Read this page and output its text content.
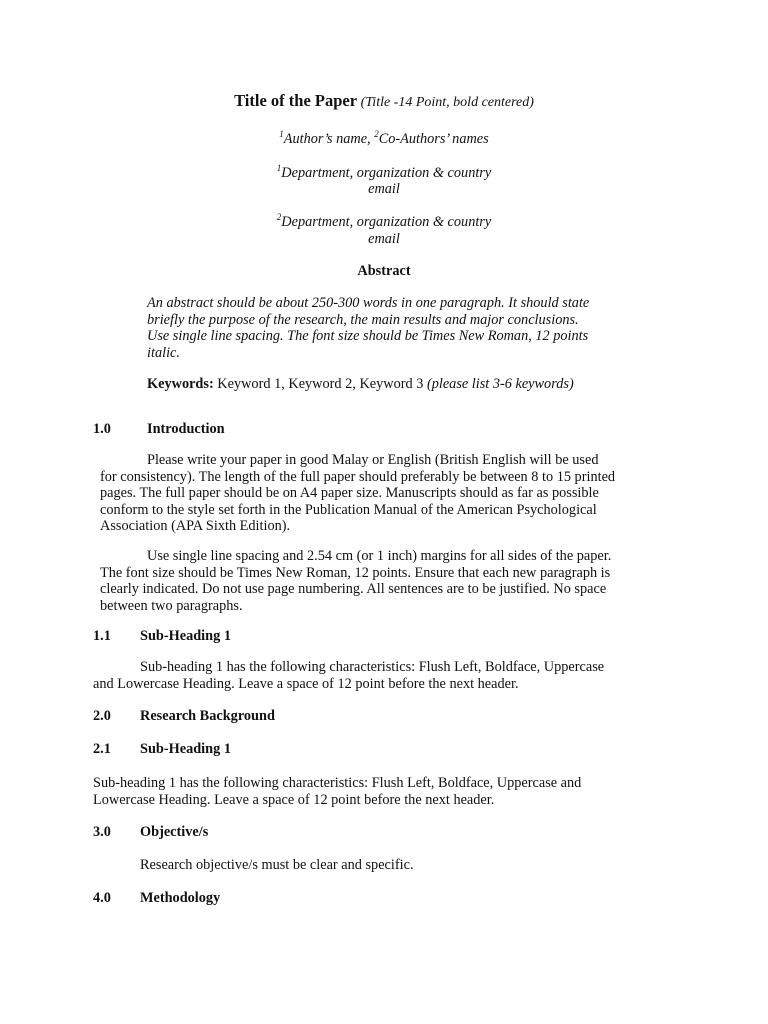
Title of the Paper (Title -14 Point, bold centered)
$^1$Author’s name, $^2$Co-Authors’ names
$^1$Department, organization & country
email
$^2$Department, organization & country
email
Abstract
An abstract should be about 250-300 words in one paragraph. It should state
briefly the purpose of the research, the main results and major conclusions.
Use single line spacing. The font size should be Times New Roman, 12 points
italic.
Keywords: Keyword 1, Keyword 2, Keyword 3 (please list 3-6 keywords)
1.0	Introduction
Please write your paper in good Malay or English (British English will be used
for consistency). The length of the full paper should preferably be between 8 to 15 printed
pages. The full paper should be on A4 paper size. Manuscripts should as far as possible
conform to the style set forth in the Publication Manual of the American Psychological
Association (APA Sixth Edition).
Use single line spacing and 2.54 cm (or 1 inch) margins for all sides of the paper.
The font size should be Times New Roman, 12 points. Ensure that each new paragraph is
clearly indicated. Do not use page numbering. All sentences are to be justified. No space
between two paragraphs.
1.1 Sub-Heading 1
Sub-heading 1 has the following characteristics: Flush Left, Boldface, Uppercase
and Lowercase Heading. Leave a space of 12 point before the next header.
2.0 Research Background
2.1 Sub-Heading 1
Sub-heading 1 has the following characteristics: Flush Left, Boldface, Uppercase and
Lowercase Heading. Leave a space of 12 point before the next header.
3.0 Objective/s
Research objective/s must be clear and specific.
4.0 Methodology
